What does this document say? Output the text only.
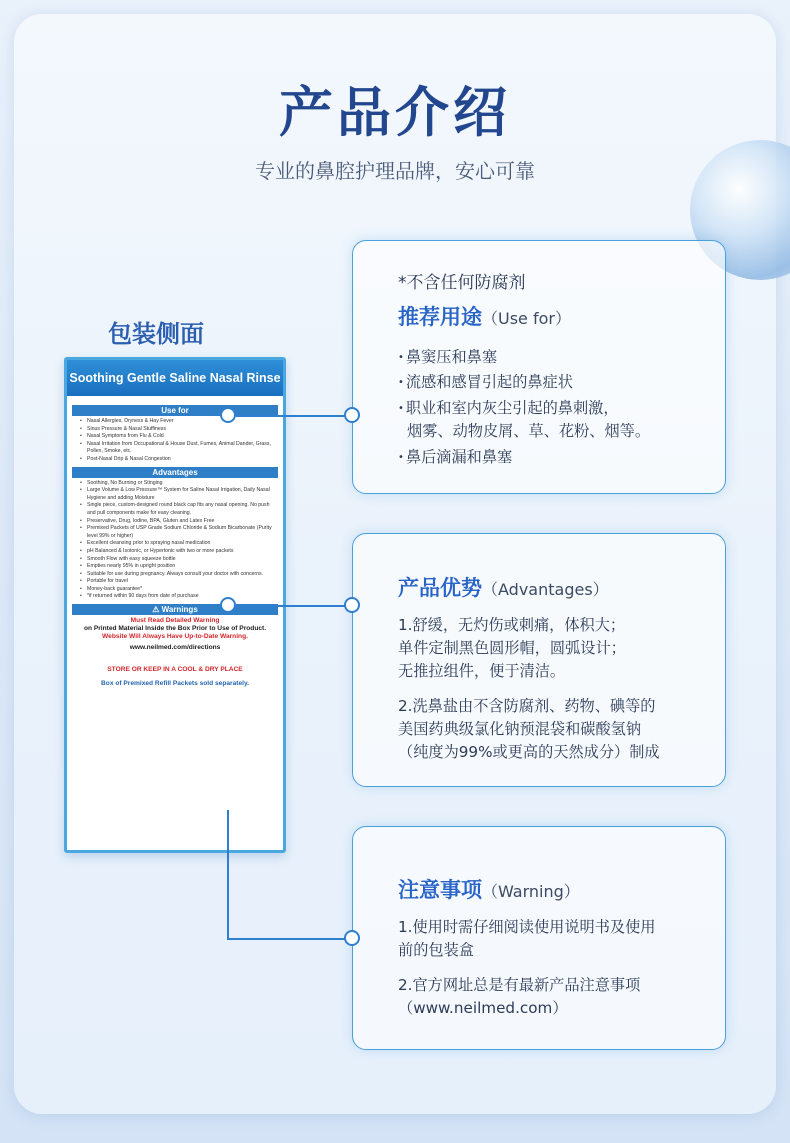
产品介绍
专业的鼻腔护理品牌，安心可靠
包装侧面
Soothing Gentle Saline Nasal Rinse
Use for
• Nasal Allergies, Dryness & Hay Fever
• Sinus Pressure & Nasal Stuffiness
• Nasal Symptoms from Flu & Cold
• Nasal Irritation from Occupational & House Dust, Fumes, Animal Dander, Grass, Pollen, Smoke, etc.
• Post-Nasal Drip & Nasal Congestion
Advantages
• Soothing, No Burning or Stinging
• Large Volume & Low Pressure™ System for Saline Nasal Irrigation, Daily Nasal Hygiene and adding Moisture
• Single piece, custom-designed round black cap fits any nasal opening. No push and pull components make for easy cleaning.
• Preservative, Drug, Iodine, BPA, Gluten and Latex Free
• Premixed Packets of USP Grade Sodium Chloride & Sodium Bicarbonate (Purity level 99% or higher)
• Excellent cleansing prior to spraying nasal medication
• pH Balanced & Isotonic, or Hypertonic with two or more packets
• Smooth Flow with easy squeeze bottle
• Empties nearly 95% in upright position
• Suitable for use during pregnancy. Always consult your doctor with concerns.
• Portable for travel
• Money-back guarantee*
• *if returned within 90 days from date of purchase
⚠ Warnings
Must Read Detailed Warning
on Printed Material Inside the Box Prior to Use of Product.
Website Will Always Have Up-to-Date Warning.
www.neilmed.com/directions
STORE OR KEEP IN A COOL & DRY PLACE
Box of Premixed Refill Packets sold separately.
*不含任何防腐剂
推荐用途（Use for）
• 鼻窦压和鼻塞
• 流感和感冒引起的鼻症状
• 职业和室内灰尘引起的鼻刺激，
烟雾、动物皮屑、草、花粉、烟等。
• 鼻后滴漏和鼻塞
产品优势（Advantages）
1.舒缓，无灼伤或刺痛，体积大；
单件定制黑色圆形帽，圆弧设计；
无推拉组件，便于清洁。
2.洗鼻盐由不含防腐剂、药物、碘等的
美国药典级氯化钠预混袋和碳酸氢钠
（纯度为99%或更高的天然成分）制成
注意事项（Warning）
1.使用时需仔细阅读使用说明书及使用
前的包装盒
2.官方网址总是有最新产品注意事项
（www.neilmed.com）
